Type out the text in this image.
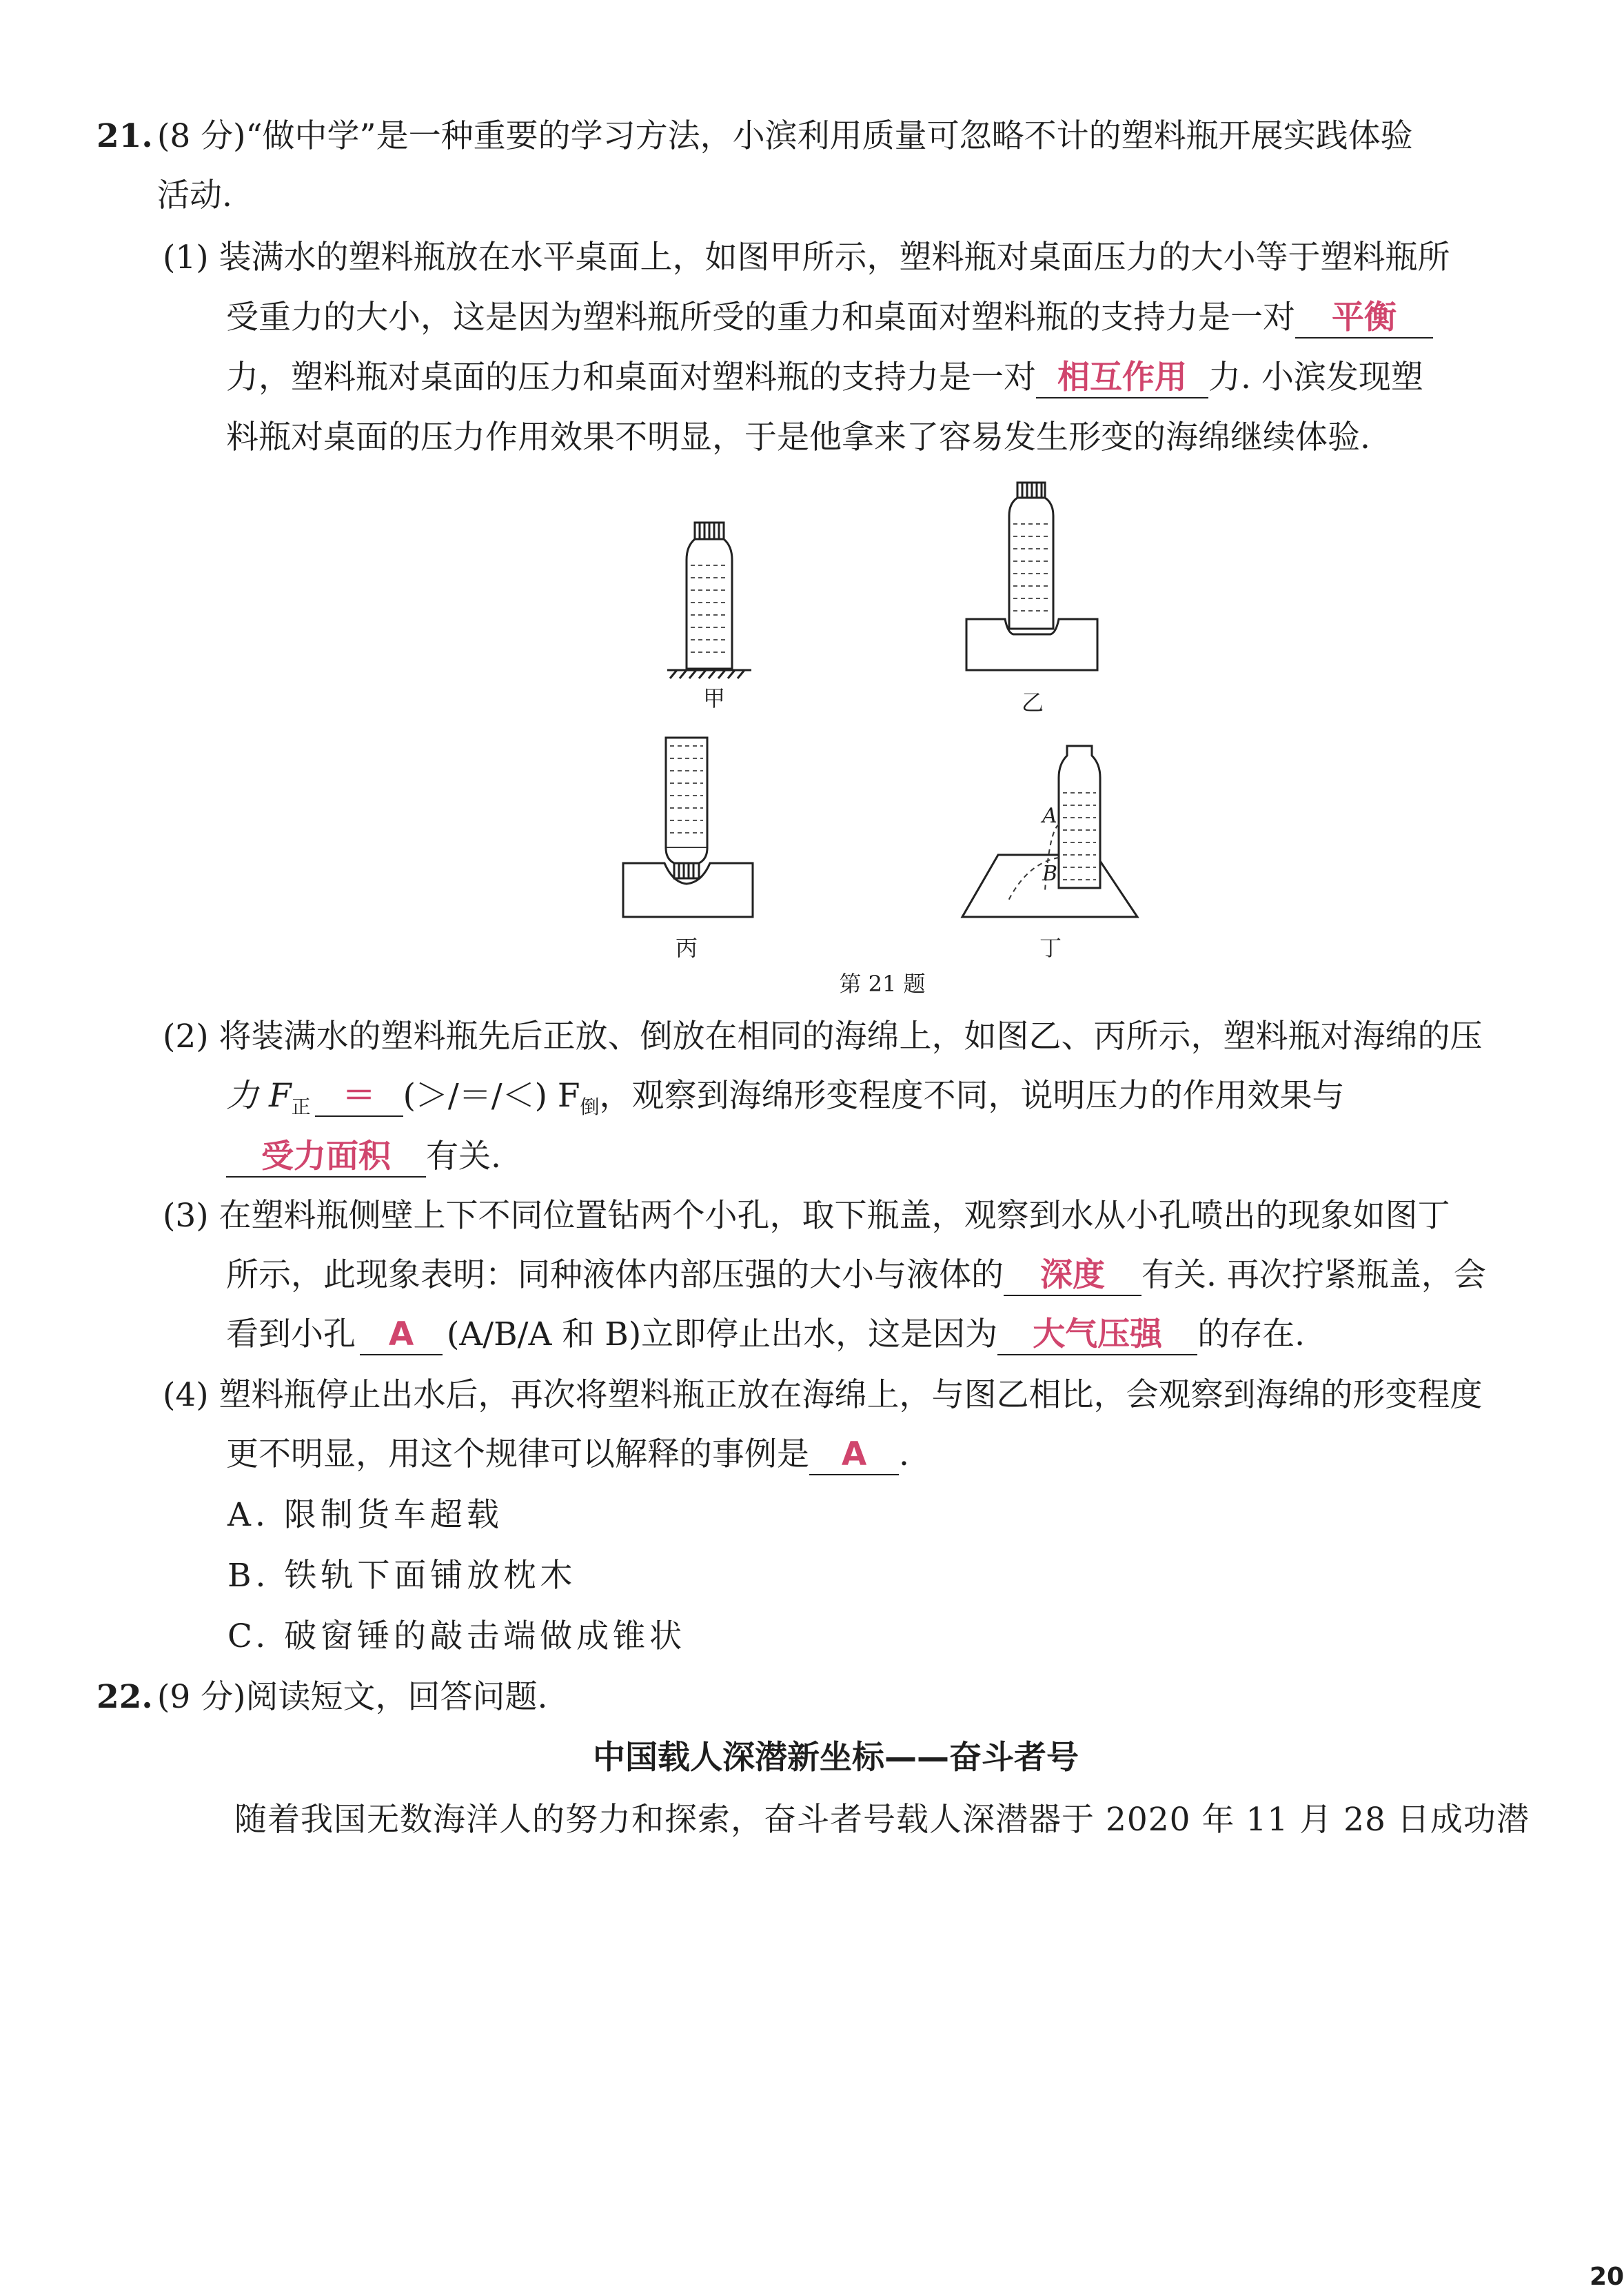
21. (8 分)“做中学”是一种重要的学习方法，小滨利用质量可忽略不计的塑料瓶开展实践体验
活动.
(1) 装满水的塑料瓶放在水平桌面上，如图甲所示，塑料瓶对桌面压力的大小等于塑料瓶所
受重力的大小，这是因为塑料瓶所受的重力和桌面对塑料瓶的支持力是一对 平衡
力，塑料瓶对桌面的压力和桌面对塑料瓶的支持力是一对 相互作用 力. 小滨发现塑
料瓶对桌面的压力作用效果不明显，于是他拿来了容易发生形变的海绵继续体验.
甲	乙
丙	丁
A
B
第 21 题
(2) 将装满水的塑料瓶先后正放、倒放在相同的海绵上，如图乙、丙所示，塑料瓶对海绵的压
力 $F_正$ ＝ (＞/＝/＜) $F_倒$，观察到海绵形变程度不同，说明压力的作用效果与
受力面积 有关.
(3) 在塑料瓶侧壁上下不同位置钻两个小孔，取下瓶盖，观察到水从小孔喷出的现象如图丁
所示，此现象表明：同种液体内部压强的大小与液体的 深度 有关. 再次拧紧瓶盖，会
看到小孔 A (A/B/A 和 B)立即停止出水，这是因为 大气压强 的存在.
(4) 塑料瓶停止出水后，再次将塑料瓶正放在海绵上，与图乙相比，会观察到海绵的形变程度
更不明显，用这个规律可以解释的事例是 A .
A. 限制货车超载
B. 铁轨下面铺放枕木
C. 破窗锤的敲击端做成锥状
22. (9 分)阅读短文，回答问题.
中国载人深潜新坐标——奋斗者号
随着我国无数海洋人的努力和探索，奋斗者号载人深潜器于 2020 年 11 月 28 日成功潜
20
